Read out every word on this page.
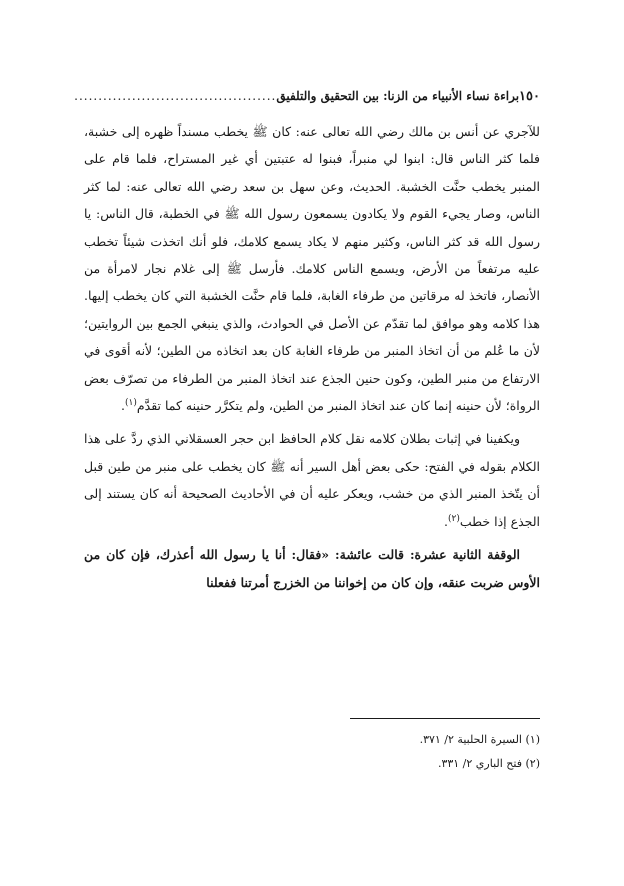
١٥٠
براءة نساء الأنبياء من الزنا: بين التحقيق والتلفيق
..........................................

للآجري عن أنس بن مالك رضي الله تعالى عنه: كان ﷺ يخطب مسنداً ظهره إلى خشبة، فلما كثر الناس قال: ابنوا لي منبراً، فبنوا له عتبتين أي غير المستراح، فلما قام على المنبر يخطب حنَّت الخشبة. الحديث، وعن سهل بن سعد رضي الله تعالى عنه: لما كثر الناس، وصار يجيء القوم ولا يكادون يسمعون رسول الله ﷺ في الخطبة، قال الناس: يا رسول الله قد كثر الناس، وكثير منهم لا يكاد يسمع كلامك، فلو أنك اتخذت شيئاً تخطب عليه مرتفعاً من الأرض، ويسمع الناس كلامك. فأرسل ﷺ إلى غلام نجار لامرأة من الأنصار، فاتخذ له مرقاتين من طرفاء الغابة، فلما قام حنَّت الخشبة التي كان يخطب إليها. هذا كلامه وهو موافق لما تقدّم عن الأصل في الحوادث، والذي ينبغي الجمع بين الروايتين؛ لأن ما عُلم من أن اتخاذ المنبر من طرفاء الغابة كان بعد اتخاذه من الطين؛ لأنه أقوى في الارتفاع من منبر الطين، وكون حنين الجذع عند اتخاذ المنبر من الطرفاء من تصرّف بعض الرواة؛ لأن حنينه إنما كان عند اتخاذ المنبر من الطين، ولم يتكرَّر حنينه كما تقدَّم$^{(١)}$.

ويكفينا في إثبات بطلان كلامه نقل كلام الحافظ ابن حجر العسقلاني الذي ردَّ على هذا الكلام بقوله في الفتح: حكى بعض أهل السير أنه ﷺ كان يخطب على منبر من طين قبل أن يتّخذ المنبر الذي من خشب، ويعكر عليه أن في الأحاديث الصحيحة أنه كان يستند إلى الجذع إذا خطب$^{(٢)}$.

الوقفة الثانية عشرة: قالت عائشة: «فقال: أنا يا رسول الله أعذرك، فإن كان من الأوس ضربت عنقه، وإن كان من إخواننا من الخزرج أمرتنا ففعلنا

(١) السيرة الحلبية ٢/ ٣٧١.

(٢) فتح الباري ٢/ ٣٣١.
